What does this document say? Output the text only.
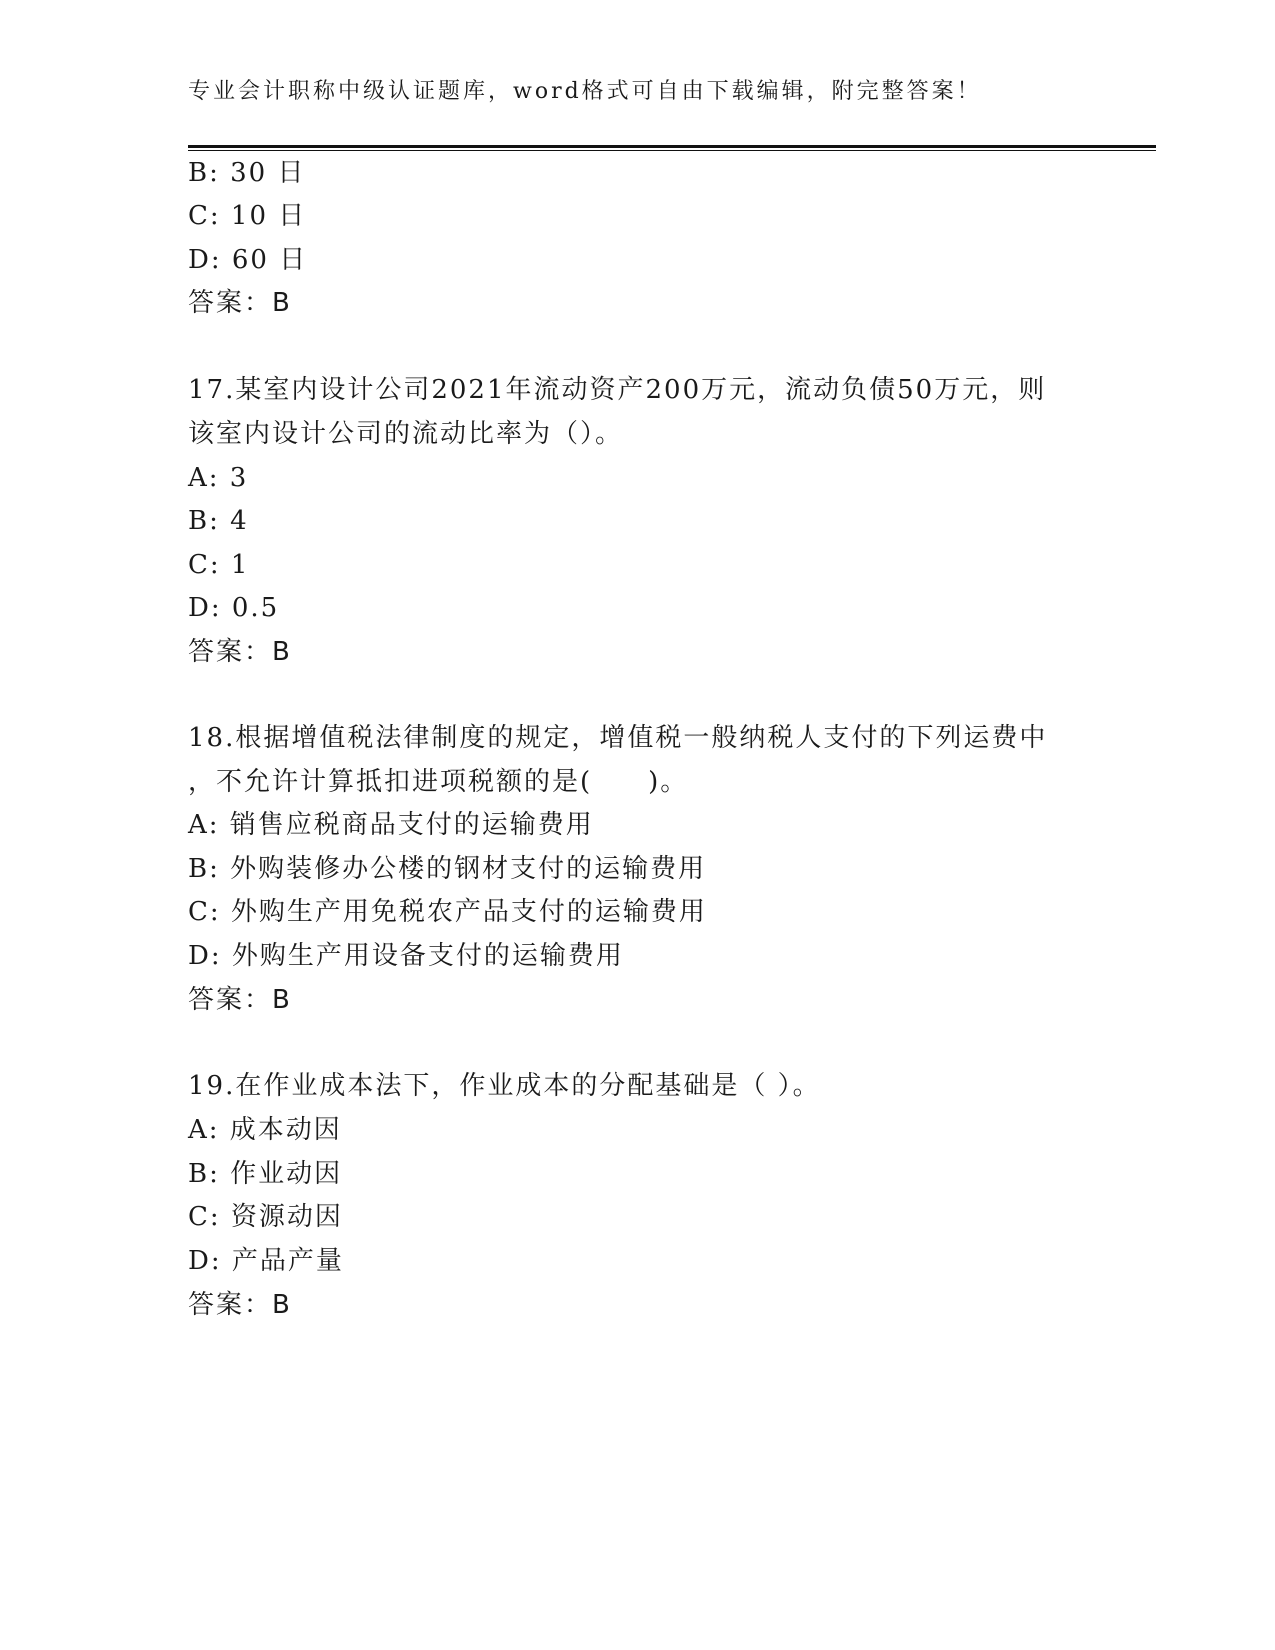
专业会计职称中级认证题库，word格式可自由下载编辑，附完整答案！
B: 30 日
C: 10 日
D: 60 日
答案：B
17.某室内设计公司2021年流动资产200万元，流动负债50万元，则
该室内设计公司的流动比率为（）。
A: 3
B: 4
C: 1
D: 0.5
答案：B
18.根据增值税法律制度的规定，增值税一般纳税人支付的下列运费中
，不允许计算抵扣进项税额的是(　　)。
A: 销售应税商品支付的运输费用
B: 外购装修办公楼的钢材支付的运输费用
C: 外购生产用免税农产品支付的运输费用
D: 外购生产用设备支付的运输费用
答案：B
19.在作业成本法下，作业成本的分配基础是（ ）。
A: 成本动因
B: 作业动因
C: 资源动因
D: 产品产量
答案：B
